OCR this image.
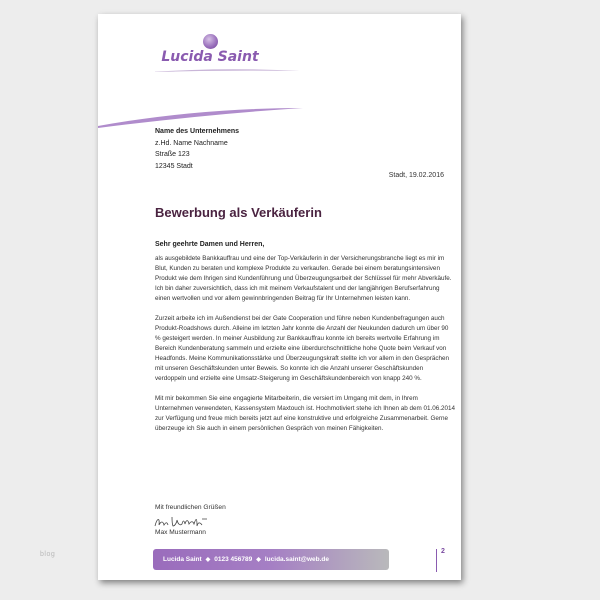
blog
Lucida Saint
Name des Unternehmens
z.Hd. Name Nachname
Straße 123
12345 Stadt
Stadt, 19.02.2016
Bewerbung als Verkäuferin

Sehr geehrte Damen und Herren,

als ausgebildete Bankkauffrau und eine der Top-Verkäuferin in der Versicherungsbranche liegt es mir im Blut, Kunden zu beraten und komplexe Produkte zu verkaufen. Gerade bei einem beratungsintensiven Produkt wie dem Ihrigen sind Kundenführung und Überzeugungsarbeit der Schlüssel für mehr Abverkäufe. Ich bin daher zuversichtlich, dass ich mit meinem Verkaufstalent und der langjährigen Berufserfahrung einen wertvollen und vor allem gewinnbringenden Beitrag für Ihr Unternehmen leisten kann.

Zurzeit arbeite ich im Außendienst bei der Gate Cooperation und führe neben Kundenbefragungen auch Produkt-Roadshows durch. Alleine im letzten Jahr konnte die Anzahl der Neukunden dadurch um über 90 % gesteigert werden. In meiner Ausbildung zur Bankkauffrau konnte ich bereits wertvolle Erfahrung im Bereich Kundenberatung sammeln und erzielte eine überdurchschnittliche hohe Quote beim Verkauf von Headfonds. Meine Kommunikationsstärke und Überzeugungskraft stellte ich vor allem in den Gesprächen mit unseren Geschäftskunden unter Beweis. So konnte ich die Anzahl unserer Geschäftskunden verdoppeln und erzielte eine Umsatz-Steigerung im Geschäftskundenbereich von knapp 240 %.

Mit mir bekommen Sie eine engagierte Mitarbeiterin, die versiert im Umgang mit dem, in Ihrem Unternehmen verwendeten, Kassensystem Maxtouch ist. Hochmotiviert stehe ich Ihnen ab dem 01.06.2014 zur Verfügung und freue mich bereits jetzt auf eine konstruktive und erfolgreiche Zusammenarbeit. Gerne überzeuge ich Sie auch in einem persönlichen Gespräch von meinen Fähigkeiten.

Mit freundlichen Grüßen
Max Mustermann
Lucida Saint ◆ 0123 456789 ◆ lucida.saint@web.de
2
